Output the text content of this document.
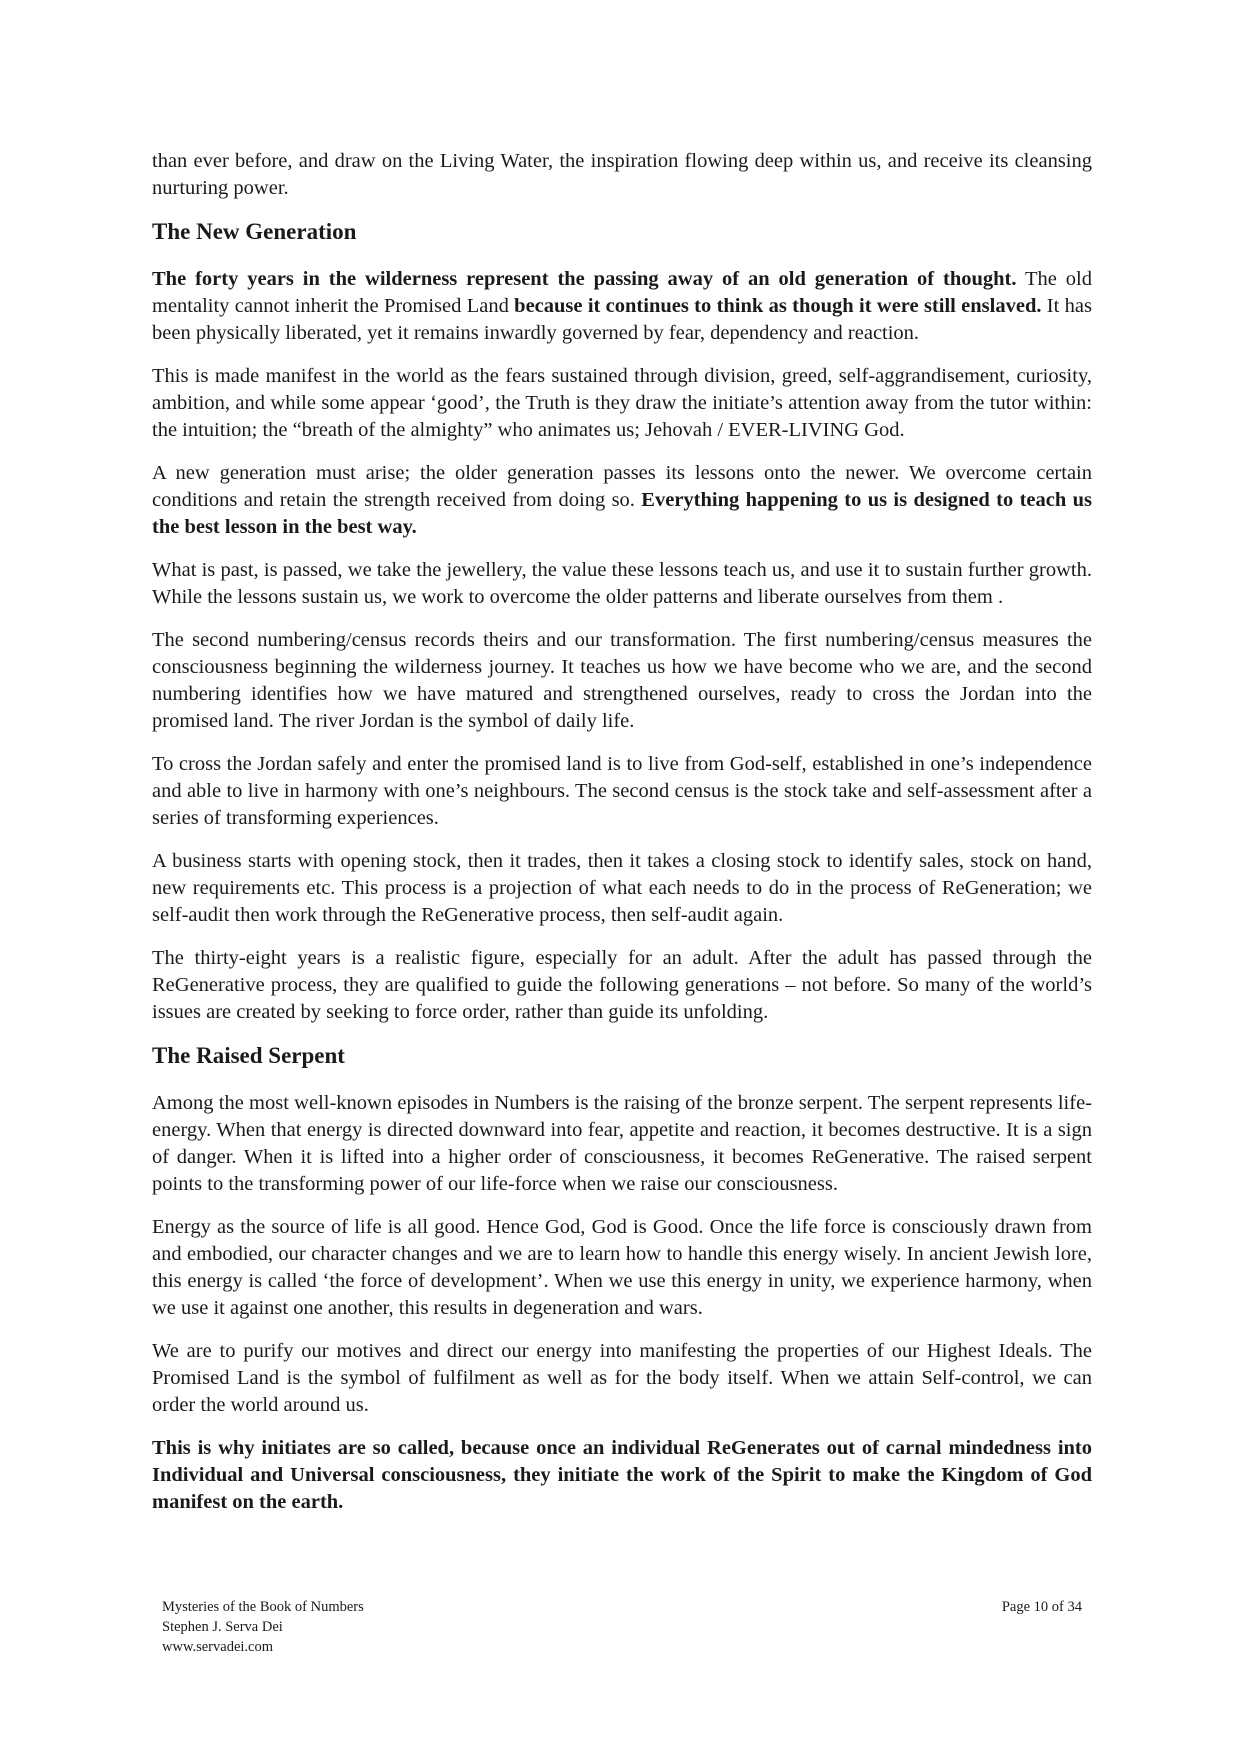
than ever before, and draw on the Living Water, the inspiration flowing deep within us, and receive its cleansing nurturing power.

The New Generation

The forty years in the wilderness represent the passing away of an old generation of thought. The old mentality cannot inherit the Promised Land because it continues to think as though it were still enslaved. It has been physically liberated, yet it remains inwardly governed by fear, dependency and reaction.

This is made manifest in the world as the fears sustained through division, greed, self-aggrandisement, curiosity, ambition, and while some appear ‘good’, the Truth is they draw the initiate’s attention away from the tutor within: the intuition; the “breath of the almighty” who animates us; Jehovah / EVER-LIVING God.

A new generation must arise; the older generation passes its lessons onto the newer. We overcome certain conditions and retain the strength received from doing so. Everything happening to us is designed to teach us the best lesson in the best way.

What is past, is passed, we take the jewellery, the value these lessons teach us, and use it to sustain further growth. While the lessons sustain us, we work to overcome the older patterns and liberate ourselves from them .

The second numbering/census records theirs and our transformation. The first numbering/census measures the consciousness beginning the wilderness journey. It teaches us how we have become who we are, and the second numbering identifies how we have matured and strengthened ourselves, ready to cross the Jordan into the promised land. The river Jordan is the symbol of daily life.

To cross the Jordan safely and enter the promised land is to live from God-self, established in one’s independence and able to live in harmony with one’s neighbours. The second census is the stock take and self-assessment after a series of transforming experiences.

A business starts with opening stock, then it trades, then it takes a closing stock to identify sales, stock on hand, new requirements etc. This process is a projection of what each needs to do in the process of ReGeneration; we self-audit then work through the ReGenerative process, then self-audit again.

The thirty-eight years is a realistic figure, especially for an adult. After the adult has passed through the ReGenerative process, they are qualified to guide the following generations – not before. So many of the world’s issues are created by seeking to force order, rather than guide its unfolding.

The Raised Serpent

Among the most well-known episodes in Numbers is the raising of the bronze serpent. The serpent represents life-energy. When that energy is directed downward into fear, appetite and reaction, it becomes destructive. It is a sign of danger. When it is lifted into a higher order of consciousness, it becomes ReGenerative. The raised serpent points to the transforming power of our life-force when we raise our consciousness.

Energy as the source of life is all good. Hence God, God is Good. Once the life force is consciously drawn from and embodied, our character changes and we are to learn how to handle this energy wisely. In ancient Jewish lore, this energy is called ‘the force of development’. When we use this energy in unity, we experience harmony, when we use it against one another, this results in degeneration and wars.

We are to purify our motives and direct our energy into manifesting the properties of our Highest Ideals. The Promised Land is the symbol of fulfilment as well as for the body itself. When we attain Self-control, we can order the world around us.

This is why initiates are so called, because once an individual ReGenerates out of carnal mindedness into Individual and Universal consciousness, they initiate the work of the Spirit to make the Kingdom of God manifest on the earth.

Mysteries of the Book of Numbers
Stephen J. Serva Dei
www.servadei.com
Page 10 of 34
